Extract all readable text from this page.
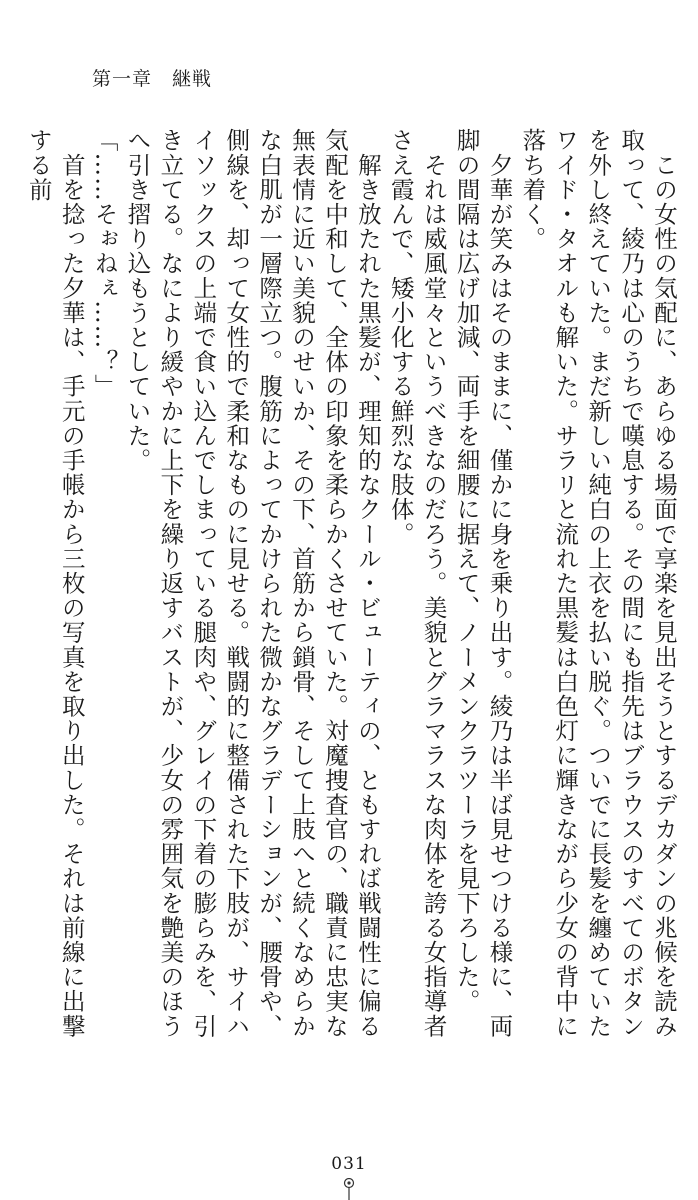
第一章　継戦

　この女性の気配に、あらゆる場面で享楽を見出そうとするデカダンの兆候を読み取って、綾乃は心のうちで嘆息する。その間にも指先はブラウスのすべてのボタンを外し終えていた。まだ新しい純白の上衣を払い脱ぐ。ついでに長髪を纏めていたワイド・タオルも解いた。サラリと流れた黒髪は白色灯に輝きながら少女の背中に落ち着く。

　夕華が笑みはそのままに、僅かに身を乗り出す。綾乃は半ば見せつける様に、両脚の間隔は広げ加減、両手を細腰に据えて、ノーメンクラツーラを見下ろした。

　それは威風堂々というべきなのだろう。美貌とグラマラスな肉体を誇る女指導者さえ霞んで、矮小化する鮮烈な肢体。

　解き放たれた黒髪が、理知的なクール・ビューティの、ともすれば戦闘性に偏る気配を中和して、全体の印象を柔らかくさせていた。対魔捜査官の、職責に忠実な無表情に近い美貌のせいか、その下、首筋から鎖骨、そして上肢へと続くなめらかな白肌が一層際立つ。腹筋によってかけられた微かなグラデーションが、腰骨や、側線を、却って女性的で柔和なものに見せる。戦闘的に整備された下肢が、サイハイソックスの上端で食い込んでしまっている腿肉や、グレイの下着の膨らみを、引き立てる。なにより緩やかに上下を繰り返すバストが、少女の雰囲気を艶美のほうへ引き摺り込もうとしていた。

「……そぉねぇ……？」

　首を捻った夕華は、手元の手帳から三枚の写真を取り出した。それは前線に出撃する前

031
